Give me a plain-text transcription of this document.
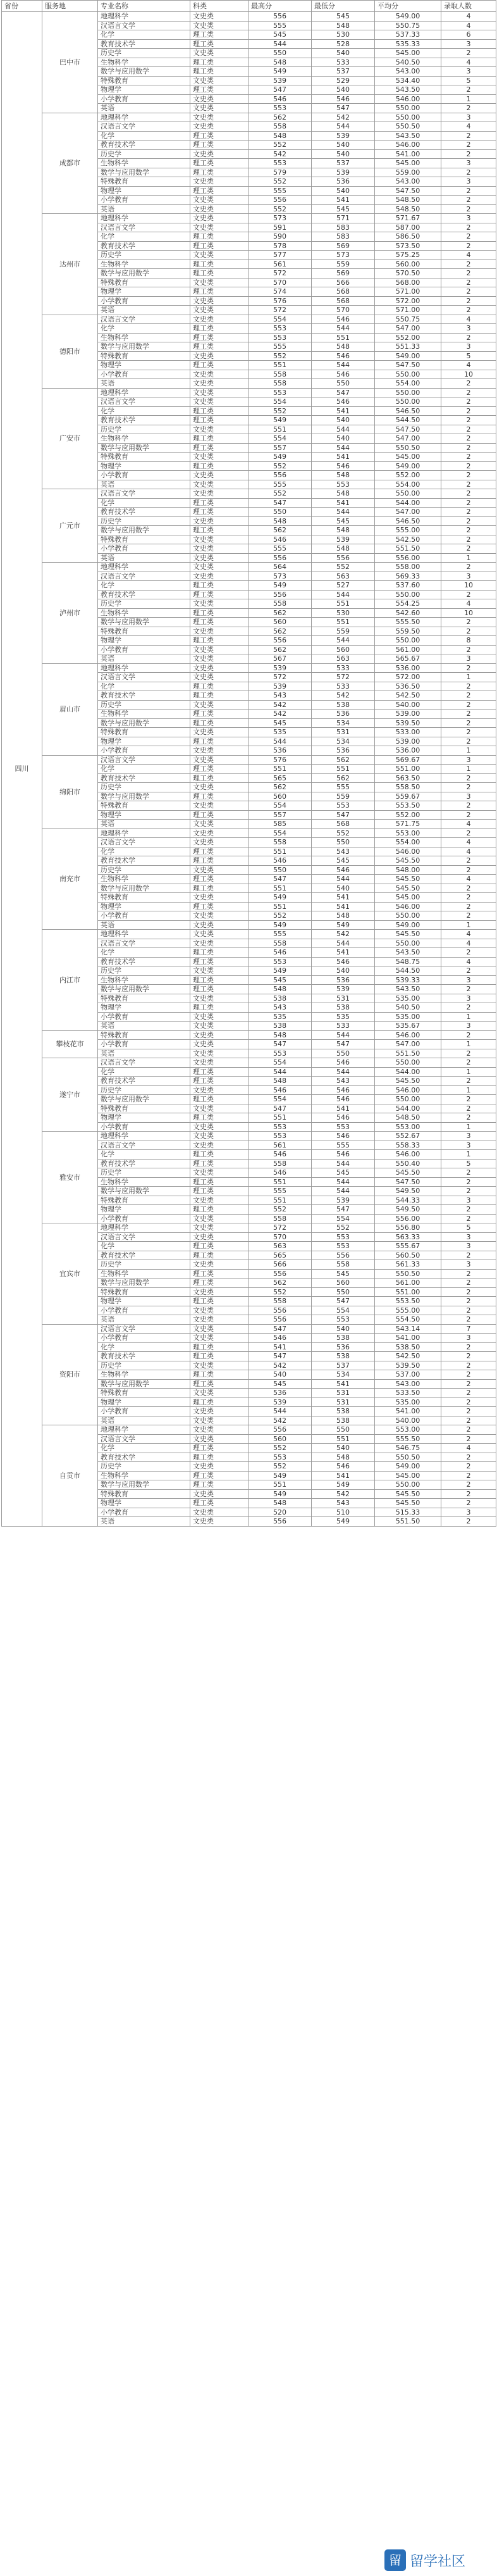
省份	服务地	专业名称	科类	最高分	最低分	平均分	录取人数
四川	巴中市	地理科学	文史类	556	545	549.00	4
		汉语言文学	文史类	555	548	550.75	4
		化学	理工类	545	530	537.33	6
		教育技术学	理工类	544	528	535.33	3
		历史学	文史类	550	540	545.00	2
		生物科学	理工类	548	533	540.50	4
		数学与应用数学	理工类	549	537	543.00	3
		特殊教育	文史类	539	529	534.40	5
		物理学	理工类	547	540	543.50	2
		小学教育	文史类	546	546	546.00	1
		英语	文史类	553	547	550.00	2
	成都市	地理科学	文史类	562	542	550.00	3
		汉语言文学	文史类	558	544	550.50	4
		化学	理工类	548	539	543.50	2
		教育技术学	理工类	552	540	546.00	2
		历史学	文史类	542	540	541.00	2
		生物科学	理工类	553	537	545.00	3
		数学与应用数学	理工类	579	539	559.00	2
		特殊教育	文史类	552	536	543.00	3
		物理学	理工类	555	540	547.50	2
		小学教育	文史类	556	541	548.50	2
		英语	文史类	552	545	548.50	2
	达州市	地理科学	文史类	573	571	571.67	3
		汉语言文学	文史类	591	583	587.00	2
		化学	理工类	590	583	586.50	2
		教育技术学	理工类	578	569	573.50	2
		历史学	文史类	577	573	575.25	4
		生物科学	理工类	561	559	560.00	2
		数学与应用数学	理工类	572	569	570.50	2
		特殊教育	文史类	570	566	568.00	2
		物理学	理工类	574	568	571.00	2
		小学教育	文史类	576	568	572.00	2
		英语	文史类	572	570	571.00	2
	德阳市	汉语言文学	文史类	554	546	550.75	4
		化学	理工类	553	544	547.00	3
		生物科学	理工类	553	551	552.00	2
		数学与应用数学	理工类	555	548	551.33	3
		特殊教育	文史类	552	546	549.00	5
		物理学	理工类	551	544	547.50	4
		小学教育	文史类	558	546	550.00	10
		英语	文史类	558	550	554.00	2
	广安市	地理科学	文史类	553	547	550.00	2
		汉语言文学	文史类	554	546	550.00	2
		化学	理工类	552	541	546.50	2
		教育技术学	理工类	549	540	544.50	2
		历史学	文史类	551	544	547.50	2
		生物科学	理工类	554	540	547.00	2
		数学与应用数学	理工类	557	544	550.50	2
		特殊教育	文史类	549	541	545.00	2
		物理学	理工类	552	546	549.00	2
		小学教育	文史类	556	548	552.00	2
		英语	文史类	555	553	554.00	2
	广元市	汉语言文学	文史类	552	548	550.00	2
		化学	理工类	547	541	544.00	2
		教育技术学	理工类	550	544	547.00	2
		历史学	文史类	548	545	546.50	2
		数学与应用数学	理工类	562	548	555.00	2
		特殊教育	文史类	546	539	542.50	2
		小学教育	文史类	555	548	551.50	2
		英语	文史类	556	556	556.00	1
	泸州市	地理科学	文史类	564	552	558.00	2
		汉语言文学	文史类	573	563	569.33	3
		化学	理工类	549	527	537.60	10
		教育技术学	理工类	556	544	550.00	2
		历史学	文史类	558	551	554.25	4
		生物科学	理工类	562	530	542.60	10
		数学与应用数学	理工类	560	551	555.50	2
		特殊教育	文史类	562	559	559.50	2
		物理学	理工类	556	544	550.00	8
		小学教育	文史类	562	560	561.00	2
		英语	文史类	567	563	565.67	3
	眉山市	地理科学	文史类	539	533	536.00	2
		汉语言文学	文史类	572	572	572.00	1
		化学	理工类	539	533	536.50	2
		教育技术学	理工类	543	542	542.50	2
		历史学	文史类	542	538	540.00	2
		生物科学	理工类	542	536	539.00	2
		数学与应用数学	理工类	545	534	539.50	2
		特殊教育	文史类	535	531	533.00	2
		物理学	理工类	544	534	539.00	2
		小学教育	文史类	536	536	536.00	1
	绵阳市	汉语言文学	文史类	576	562	569.67	3
		化学	理工类	551	551	551.00	1
		教育技术学	理工类	565	562	563.50	2
		历史学	文史类	562	555	558.50	2
		数学与应用数学	理工类	560	559	559.67	3
		特殊教育	文史类	554	553	553.50	2
		物理学	理工类	557	547	552.00	2
		英语	文史类	585	568	571.75	4
	南充市	地理科学	文史类	554	552	553.00	2
		汉语言文学	文史类	558	550	554.00	4
		化学	理工类	551	543	546.00	4
		教育技术学	理工类	546	545	545.50	2
		历史学	文史类	550	546	548.00	2
		生物科学	理工类	547	544	545.50	4
		数学与应用数学	理工类	551	540	545.50	2
		特殊教育	文史类	549	541	545.00	2
		物理学	理工类	551	541	546.00	2
		小学教育	文史类	552	548	550.00	2
		英语	文史类	549	549	549.00	1
	内江市	地理科学	文史类	555	542	545.50	4
		汉语言文学	文史类	558	544	550.00	4
		化学	理工类	546	541	543.50	2
		教育技术学	理工类	553	546	548.75	4
		历史学	文史类	549	540	544.50	2
		生物科学	理工类	545	536	539.33	3
		数学与应用数学	理工类	548	539	543.50	2
		特殊教育	文史类	538	531	535.00	3
		物理学	理工类	543	538	540.50	2
		小学教育	文史类	535	535	535.00	1
		英语	文史类	538	533	535.67	3
	攀枝花市	特殊教育	文史类	548	544	546.00	2
		小学教育	文史类	547	547	547.00	1
		英语	文史类	553	550	551.50	2
	遂宁市	汉语言文学	文史类	554	546	550.00	2
		化学	理工类	544	544	544.00	1
		教育技术学	理工类	548	543	545.50	2
		历史学	文史类	546	546	546.00	1
		数学与应用数学	理工类	554	546	550.00	2
		特殊教育	文史类	547	541	544.00	2
		物理学	理工类	551	546	548.50	2
		小学教育	文史类	553	553	553.00	1
	雅安市	地理科学	文史类	553	546	552.67	3
		汉语言文学	文史类	561	555	558.33	3
		化学	理工类	546	546	546.00	1
		教育技术学	理工类	558	544	550.40	5
		历史学	文史类	546	545	545.50	2
		生物科学	理工类	551	544	547.50	2
		数学与应用数学	理工类	555	544	549.50	2
		特殊教育	文史类	551	539	544.33	3
		物理学	理工类	552	547	549.50	2
		小学教育	文史类	558	554	556.00	2
	宜宾市	地理科学	文史类	572	552	556.80	5
		汉语言文学	文史类	570	553	563.33	3
		化学	理工类	563	553	555.67	3
		教育技术学	理工类	565	556	560.50	2
		历史学	文史类	566	558	561.33	3
		生物科学	理工类	556	545	550.50	2
		数学与应用数学	理工类	562	560	561.00	2
		特殊教育	文史类	552	550	551.00	2
		物理学	理工类	558	547	553.50	2
		小学教育	文史类	556	554	555.00	2
		英语	文史类	556	553	554.50	2
	资阳市	汉语言文学	文史类	547	540	543.14	7
		小学教育	文史类	546	538	541.00	3
		化学	理工类	541	536	538.50	2
		教育技术学	理工类	547	538	542.50	2
		历史学	文史类	542	537	539.50	2
		生物科学	理工类	540	534	537.00	2
		数学与应用数学	理工类	545	541	543.00	2
		特殊教育	文史类	536	531	533.50	2
		物理学	理工类	539	531	535.00	2
		小学教育	文史类	544	538	541.00	2
		英语	文史类	542	538	540.00	2
	自贡市	地理科学	文史类	556	550	553.00	2
		汉语言文学	文史类	560	551	555.50	2
		化学	理工类	552	540	546.75	4
		教育技术学	理工类	553	548	550.50	2
		历史学	文史类	552	546	549.00	2
		生物科学	理工类	549	541	545.00	2
		数学与应用数学	理工类	551	549	550.00	2
		特殊教育	文史类	549	542	545.50	2
		物理学	理工类	548	543	545.50	2
		小学教育	文史类	520	510	515.33	3
		英语	文史类	556	549	551.50	2
留 留学社区
